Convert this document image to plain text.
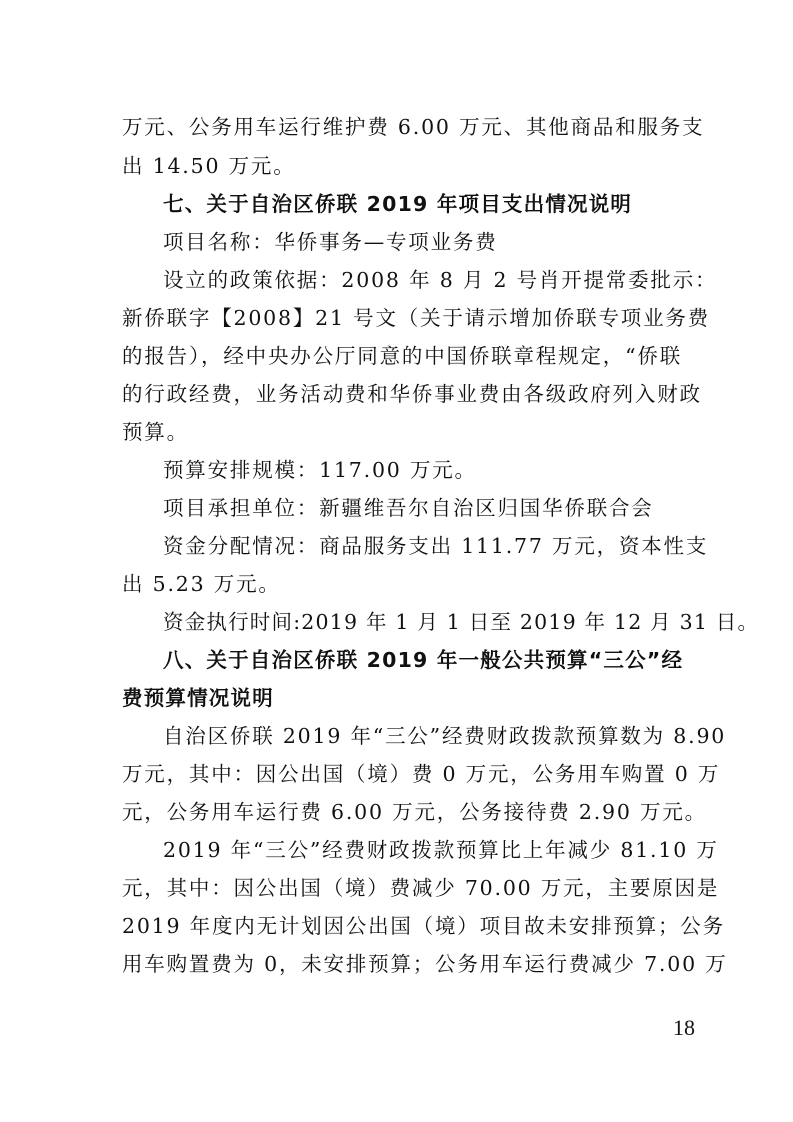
万元、公务用车运行维护费 6.00 万元、其他商品和服务支
出 14.50 万元。
七、关于自治区侨联 2019 年项目支出情况说明
项目名称：华侨事务—专项业务费
设立的政策依据：2008 年 8 月 2 号肖开提常委批示：
新侨联字【2008】21 号文（关于请示增加侨联专项业务费
的报告），经中央办公厅同意的中国侨联章程规定，“侨联
的行政经费，业务活动费和华侨事业费由各级政府列入财政
预算。
预算安排规模：117.00 万元。
项目承担单位：新疆维吾尔自治区归国华侨联合会
资金分配情况：商品服务支出 111.77 万元，资本性支
出 5.23 万元。
资金执行时间:2019 年 1 月 1 日至 2019 年 12 月 31 日。
八、关于自治区侨联 2019 年一般公共预算“三公”经
费预算情况说明
自治区侨联 2019 年“三公”经费财政拨款预算数为 8.90
万元，其中：因公出国（境）费 0 万元，公务用车购置 0 万
元，公务用车运行费 6.00 万元，公务接待费 2.90 万元。
2019 年“三公”经费财政拨款预算比上年减少 81.10 万
元，其中：因公出国（境）费减少 70.00 万元，主要原因是
2019 年度内无计划因公出国（境）项目故未安排预算；公务
用车购置费为 0，未安排预算；公务用车运行费减少 7.00 万
18
